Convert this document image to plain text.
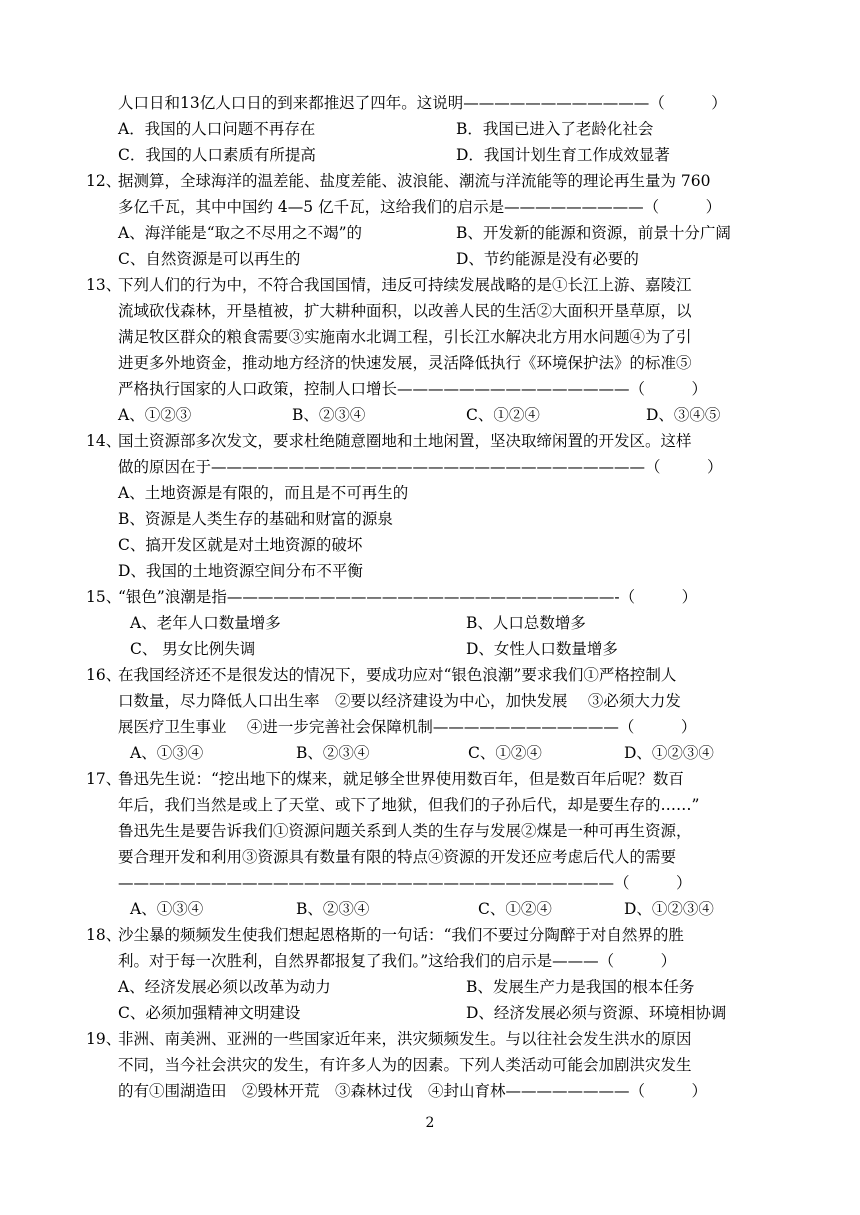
人口日和13亿人口日的到来都推迟了四年。这说明————————————（　　　）
A．我国的人口问题不再存在	B．我国已进入了老龄化社会
C．我国的人口素质有所提高	D．我国计划生育工作成效显著
12、
据测算，全球海洋的温差能、盐度差能、波浪能、潮流与洋流能等的理论再生量为 760
多亿千瓦，其中中国约 4—5 亿千瓦，这给我们的启示是—————————（　　　）
A、海洋能是“取之不尽用之不竭”的	B、开发新的能源和资源，前景十分广阔
C、自然资源是可以再生的	D、节约能源是没有必要的
13、
下列人们的行为中，不符合我国国情，违反可持续发展战略的是①长江上游、嘉陵江
流域砍伐森林，开垦植被，扩大耕种面积，以改善人民的生活②大面积开垦草原，以
满足牧区群众的粮食需要③实施南水北调工程，引长江水解决北方用水问题④为了引
进更多外地资金，推动地方经济的快速发展，灵活降低执行《环境保护法》的标准⑤
严格执行国家的人口政策，控制人口增长———————————————（　　　）
A、①②③	B、②③④	C、①②④	D、③④⑤
14、
国土资源部多次发文，要求杜绝随意圈地和土地闲置，坚决取缔闲置的开发区。这样
做的原因在于————————————————————————————（　　　）
A、土地资源是有限的，而且是不可再生的
B、资源是人类生存的基础和财富的源泉
C、搞开发区就是对土地资源的破坏
D、我国的土地资源空间分布不平衡
15、
“银色”浪潮是指—————————————————————————-（　　　）
A、老年人口数量增多	B、人口总数增多
C、 男女比例失调	D、女性人口数量增多
16、
在我国经济还不是很发达的情况下，要成功应对“银色浪潮”要求我们①严格控制人
口数量，尽力降低人口出生率　②要以经济建设为中心，加快发展　 ③必须大力发
展医疗卫生事业　 ④进一步完善社会保障机制————————————（　　　）
A、①③④	B、②③④	C、①②④	D、①②③④
17、
鲁迅先生说：“挖出地下的煤来，就足够全世界使用数百年，但是数百年后呢？数百
年后，我们当然是或上了天堂、或下了地狱，但我们的子孙后代，却是要生存的……”
鲁迅先生是要告诉我们①资源问题关系到人类的生存与发展②煤是一种可再生资源，
要合理开发和利用③资源具有数量有限的特点④资源的开发还应考虑后代人的需要
————————————————————————————————（　　　）
A、①③④	B、②③④	C、①②④	D、①②③④
18、
沙尘暴的频频发生使我们想起恩格斯的一句话：“我们不要过分陶醉于对自然界的胜
利。对于每一次胜利，自然界都报复了我们。”这给我们的启示是———（　　　）
A、经济发展必须以改革为动力	B、发展生产力是我国的根本任务
C、必须加强精神文明建设	D、经济发展必须与资源、环境相协调
19、
非洲、南美洲、亚洲的一些国家近年来，洪灾频频发生。与以往社会发生洪水的原因
不同，当今社会洪灾的发生，有许多人为的因素。下列人类活动可能会加剧洪灾发生
的有①围湖造田　②毁林开荒　③森林过伐　④封山育林————————（　　　）
2
